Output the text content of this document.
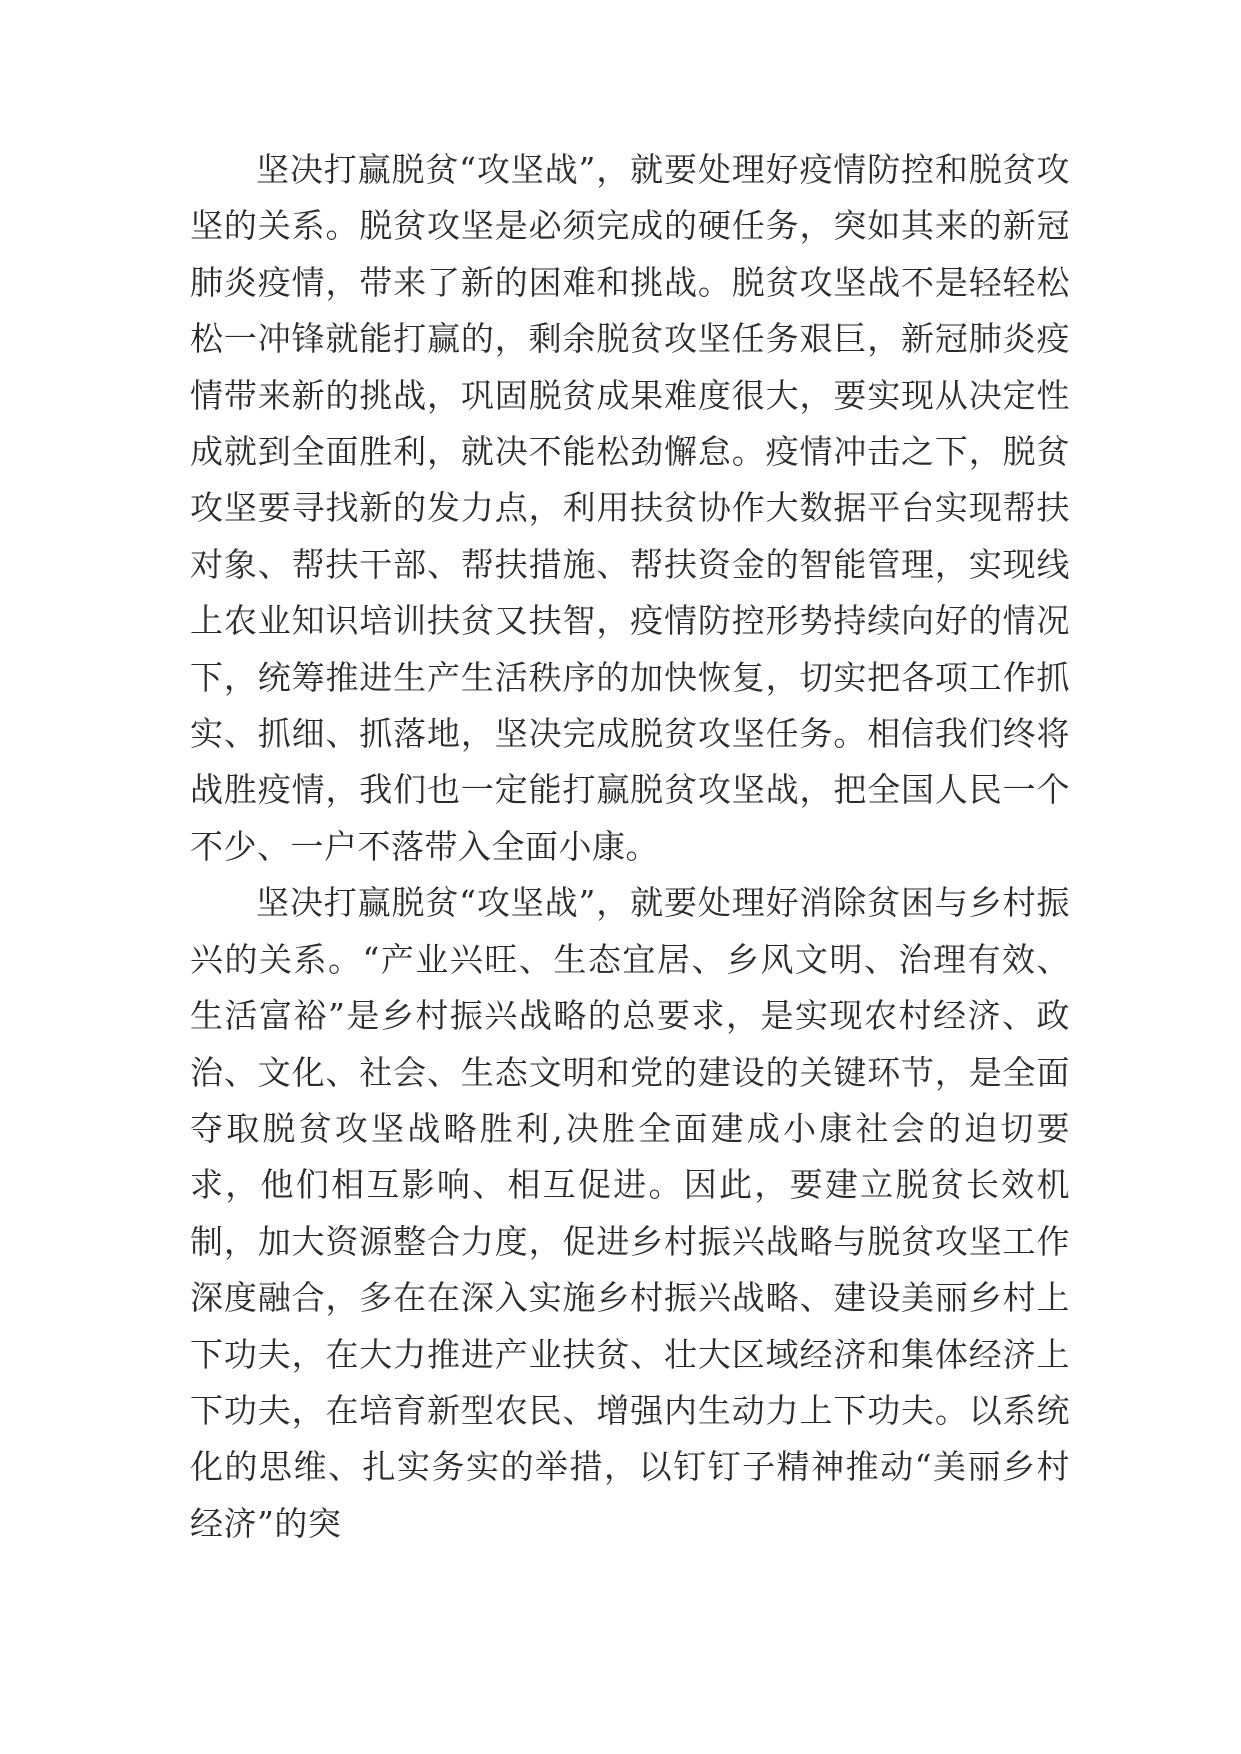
坚决打赢脱贫“攻坚战”，就要处理好疫情防控和脱贫攻坚的关系。脱贫攻坚是必须完成的硬任务，突如其来的新冠肺炎疫情，带来了新的困难和挑战。脱贫攻坚战不是轻轻松松一冲锋就能打赢的，剩余脱贫攻坚任务艰巨，新冠肺炎疫情带来新的挑战，巩固脱贫成果难度很大，要实现从决定性成就到全面胜利，就决不能松劲懈怠。疫情冲击之下，脱贫攻坚要寻找新的发力点，利用扶贫协作大数据平台实现帮扶对象、帮扶干部、帮扶措施、帮扶资金的智能管理，实现线上农业知识培训扶贫又扶智，疫情防控形势持续向好的情况下，统筹推进生产生活秩序的加快恢复，切实把各项工作抓实、抓细、抓落地，坚决完成脱贫攻坚任务。相信我们终将战胜疫情，我们也一定能打赢脱贫攻坚战，把全国人民一个不少、一户不落带入全面小康。

坚决打赢脱贫“攻坚战”，就要处理好消除贫困与乡村振兴的关系。“产业兴旺、生态宜居、乡风文明、治理有效、生活富裕”是乡村振兴战略的总要求，是实现农村经济、政治、文化、社会、生态文明和党的建设的关键环节，是全面夺取脱贫攻坚战略胜利,决胜全面建成小康社会的迫切要求，他们相互影响、相互促进。因此，要建立脱贫长效机制，加大资源整合力度，促进乡村振兴战略与脱贫攻坚工作深度融合，多在在深入实施乡村振兴战略、建设美丽乡村上下功夫，在大力推进产业扶贫、壮大区域经济和集体经济上下功夫，在培育新型农民、增强内生动力上下功夫。以系统化的思维、扎实务实的举措，以钉钉子精神推动“美丽乡村经济”的突
